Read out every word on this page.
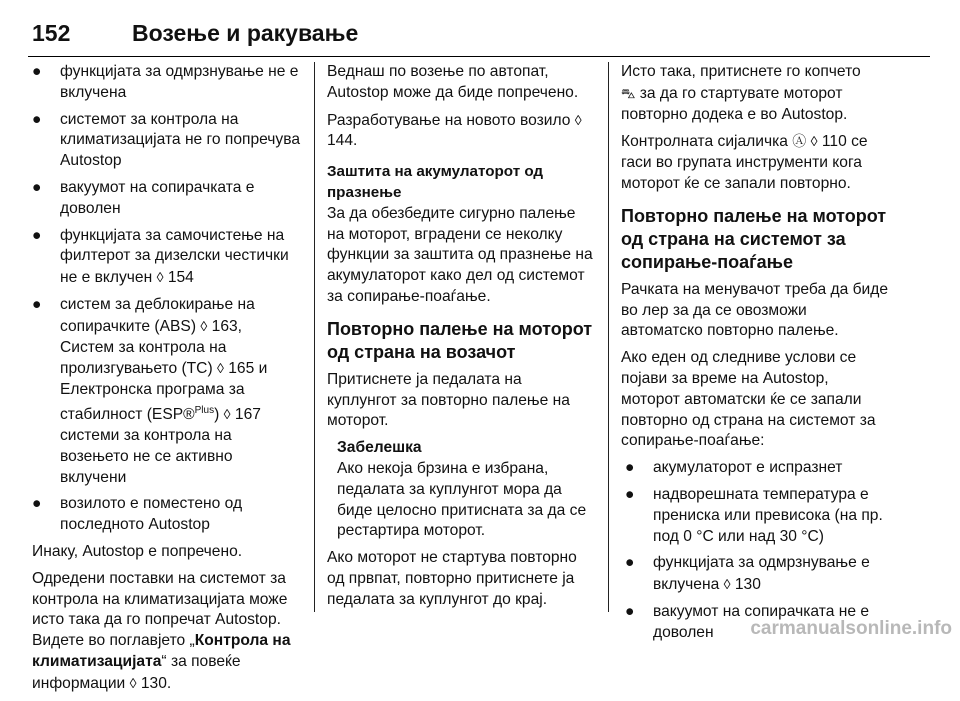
152	Возење и ракување
●	функцијата за одмрзнување не е вклучена
●	системот за контрола на климатизацијата не го попречува Autostop
●	вакуумот на сопирачката е доволен
●	функцијата за самочистење на филтерот за дизелски честички не е вклучен ◊ 154
●	систем за деблокирање на сопирачките (ABS) ◊ 163,
Систем за контрола на пролизгувањето (TC) ◊ 165 и
Електронска програма за стабилност (ESP®$^{Plus}$) ◊ 167
системи за контрола на возењето не се активно вклучени
●	возилото е поместено од последното Autostop

Инаку, Autostop е попречено.

Одредени поставки на системот за контрола на климатизацијата може исто така да го попречат Autostop. Видете во поглавјето „Контрола на климатизацијата“ за повеќе информации ◊ 130.

Веднаш по возење по автопат, Autostop може да биде попречено.

Разработување на новото возило ◊ 144.

Заштита на акумулаторот од празнење

За да обезбедите сигурно палење на моторот, вградени се неколку функции за заштита од празнење на акумулаторот како дел од системот за сопирање-поаѓање.

Повторно палење на моторот од страна на возачот

Притиснете ја педалата на куплунгот за повторно палење на моторот.

Забелешка
Ако некоја брзина е избрана, педалата за куплунгот мора да биде целосно притисната за да се рестартира моторот.

Ако моторот не стартува повторно од првпат, повторно притиснете ја педалата за куплунгот до крај.

Исто така, притиснете го копчето
⛍ за да го стартувате моторот повторно додека е во Autostop.

Контролната сијаличка Ⓐ ◊ 110 се гаси во групата инструменти кога моторот ќе се запали повторно.

Повторно палење на моторот од страна на системот за сопирање-поаѓање

Рачката на менувачот треба да биде во лер за да се овозможи автоматско повторно палење.

Ако еден од следниве услови се појави за време на Autostop, моторот автоматски ќе се запали повторно од страна на системот за сопирање-поаѓање:

●	акумулаторот е испразнет
●	надворешната температура е прениска или превисока (на пр. под 0 °C или над 30 °C)
●	функцијата за одмрзнување е вклучена ◊ 130
●	вакуумот на сопирачката не е доволен	carmanualsonline.info
